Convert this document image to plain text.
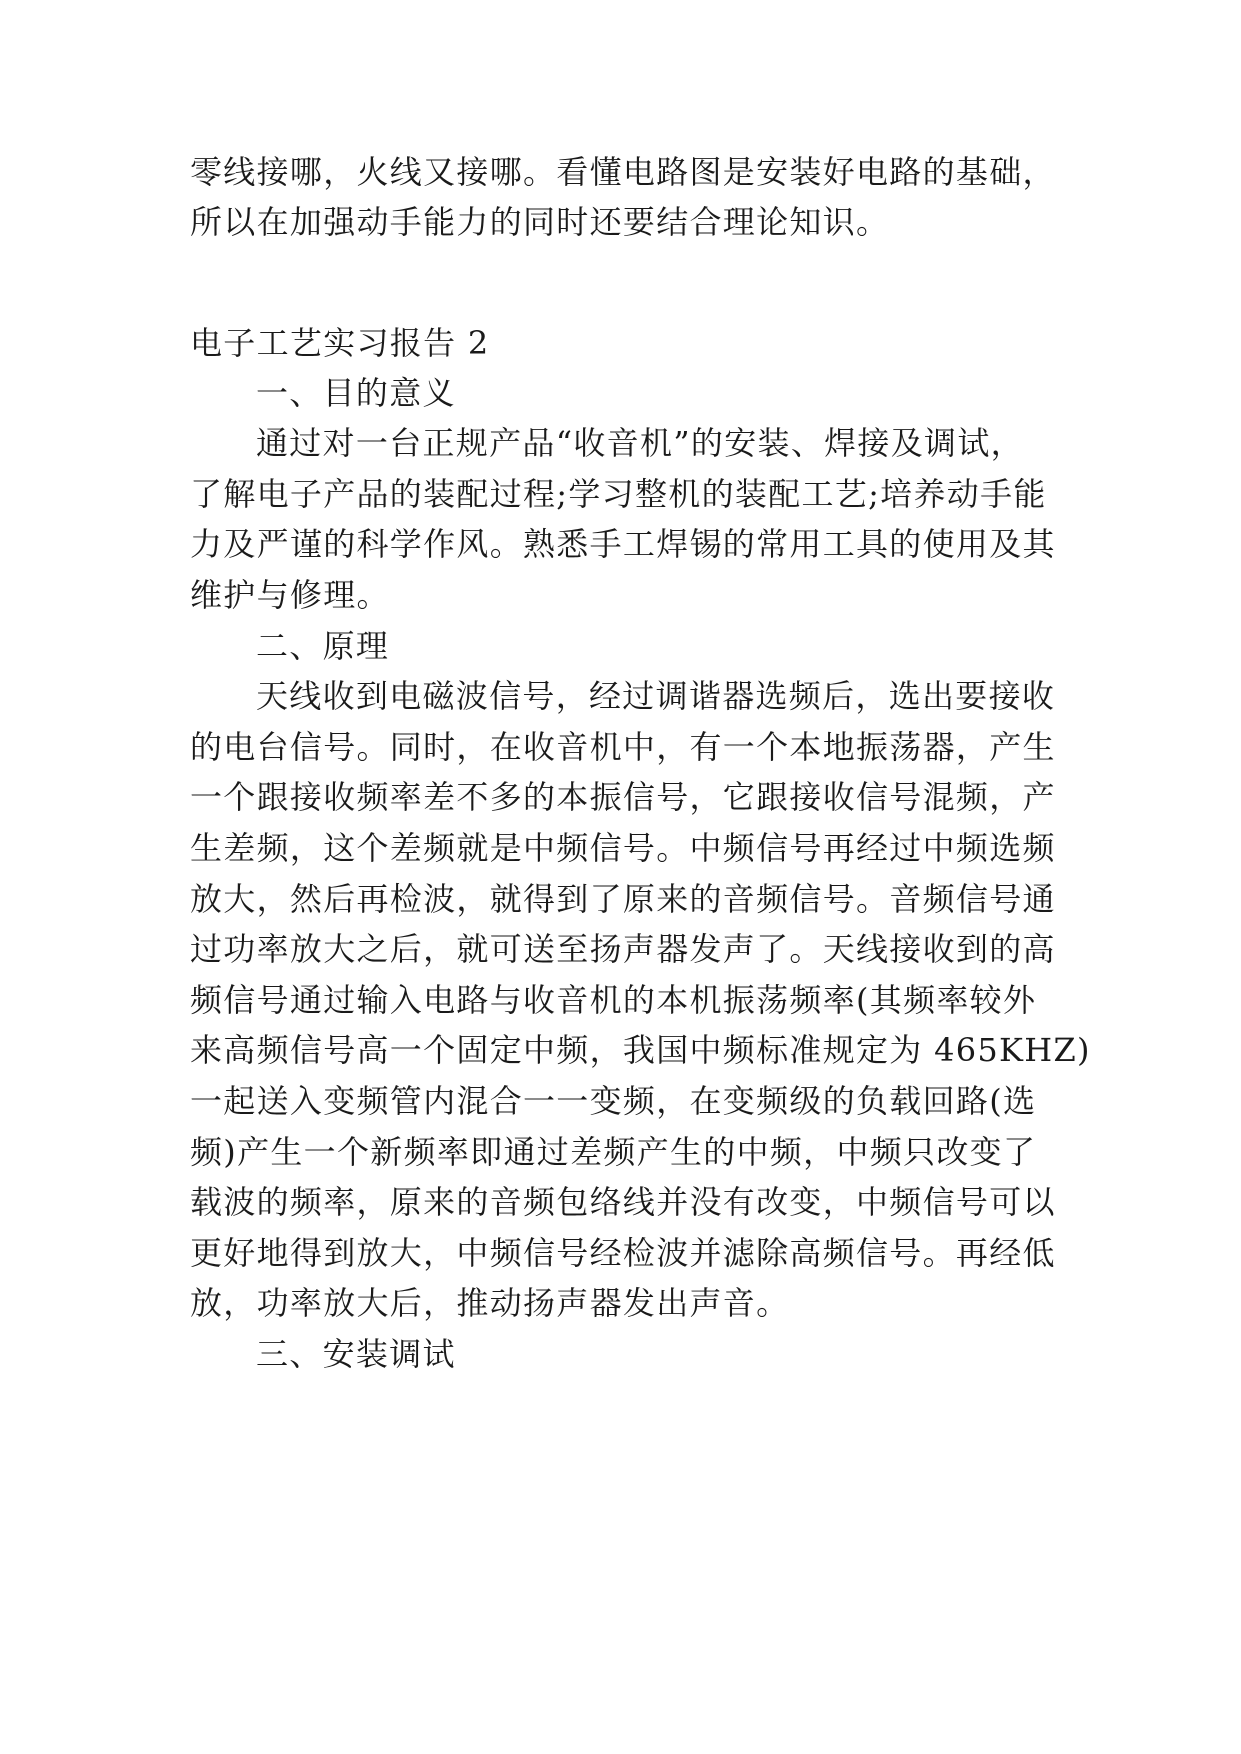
零线接哪，火线又接哪。看懂电路图是安装好电路的基础，
所以在加强动手能力的同时还要结合理论知识。
电子工艺实习报告 2
一、目的意义
通过对一台正规产品“收音机”的安装、焊接及调试，
了解电子产品的装配过程;学习整机的装配工艺;培养动手能
力及严谨的科学作风。熟悉手工焊锡的常用工具的使用及其
维护与修理。
二、原理
天线收到电磁波信号，经过调谐器选频后，选出要接收
的电台信号。同时，在收音机中，有一个本地振荡器，产生
一个跟接收频率差不多的本振信号，它跟接收信号混频，产
生差频，这个差频就是中频信号。中频信号再经过中频选频
放大，然后再检波，就得到了原来的音频信号。音频信号通
过功率放大之后，就可送至扬声器发声了。天线接收到的高
频信号通过输入电路与收音机的本机振荡频率(其频率较外
来高频信号高一个固定中频，我国中频标准规定为 465KHZ)
一起送入变频管内混合一一变频，在变频级的负载回路(选
频)产生一个新频率即通过差频产生的中频，中频只改变了
载波的频率，原来的音频包络线并没有改变，中频信号可以
更好地得到放大，中频信号经检波并滤除高频信号。再经低
放，功率放大后，推动扬声器发出声音。
三、安装调试
